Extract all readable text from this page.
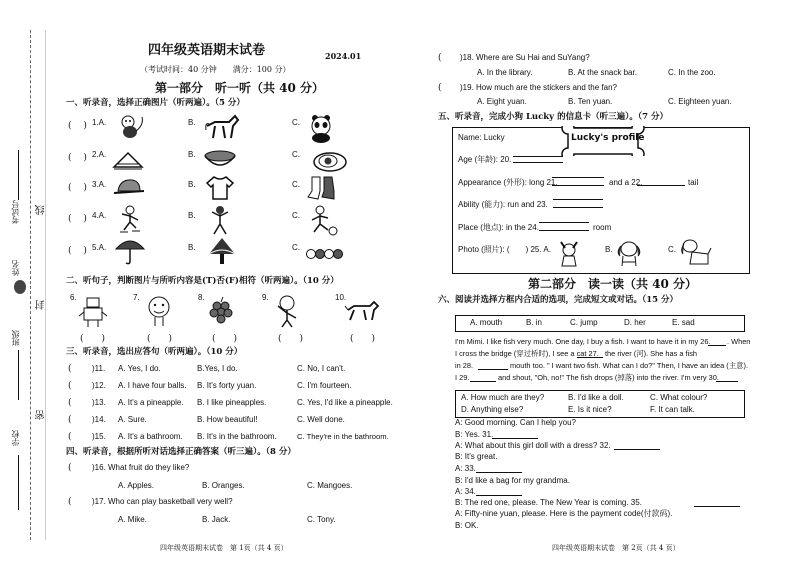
封
线
密
考试号
班级
姓名
学校
四年级英语期末试卷	2024.01
（考试时间：40 分钟　　满分：100 分）
第一部分　听一听（共 40 分）
一、听录音，选择正确图片（听两遍）。（5 分）
(　 ) 1.A.	B.	C.
(　 ) 2.A.	B.	C.
(　 ) 3.A.	B.	C.
(　 ) 4.A.	B.	C.
(　 ) 5.A.	B.	C.
二、听句子，判断图片与所听内容是(T)否(F)相符（听两遍）。（10 分）
6.	7.	8.	9.	10.
(　　)	(　　)	(　　)	(　　)	(　　)
三、听录音，选出应答句（听两遍）。（10 分）
(	)11. A. Yes, I do.	B.Yes, I do.	C. No, I can't.
(	)12. A. I have four balls. B. It's forty yuan.	C. I'm fourteen.
(	)13. A. It's a pineapple. B. I like pineapples.	C. Yes, I'd like a pineapple.
(	)14. A. Sure.	B. How beautiful!	C. Well done.
(	)15. A. It's a bathroom. B. It's in the bathroom.	C. They're in the bathroom.
四、听录音，根据所听对话选择正确答案（听三遍）。（8 分）
(	)16. What fruit do they like?
A. Apples.	B. Oranges.	C. Mangoes.
(	)17. Who can play basketball very well?
A. Mike.	B. Jack.	C. Tony.
四年级英语期末试卷　第 1页（共 4 页）
( )18. Where are Su Hai and SuYang?
A. In the library.	B. At the snack bar.	C. In the zoo.
( )19. How much are the stickers and the fan?
A. Eight yuan.	B. Ten yuan.	C. Eighteen yuan.
五、听录音，完成小狗 Lucky 的信息卡（听三遍）。（7 分）
Name: Lucky	Lucky's profile
Age (年龄): 20.
Appearance (外形): long 21.	and a 22.	tail
Ability (能力): run and 23.
Place (地点): in the 24.	room
Photo (照片): (　　) 25. A.	B.	C.
第二部分　读一读（共 40 分）
六、阅读并选择方框内合适的选项，完成短文或对话。（15 分）
A. mouth	B. in	C. jump	D. her	E. sad
I'm Mimi. I like fish very much. One day, I buy a fish. I want to have it in my 26. . When
I cross the bridge (穿过桥时), I see a cat 27. the river (河). She has a fish
in 28.	mouth too. " I want two fish. What can I do?" Then, I have an idea (主意).
I 29.	and shout, "Oh, no!" The fish drops (掉落) into the river. I'm very 30.
A. How much are they?	B. I'd like a doll.	C. What colour?
D. Anything else?	E. Is it nice?	F. It can talk.
A: Good morning. Can I help you?
B: Yes. 31.
A: What about this girl doll with a dress? 32.
B: It's great.
A: 33.
B: I'd like a bag for my grandma.
A: 34.
B: The red one, please. The New Year is coming. 35.
A: Fifty-nine yuan, please. Here is the payment code(付款码).
B: OK.
四年级英语期末试卷　第 2页（共 4 页）
